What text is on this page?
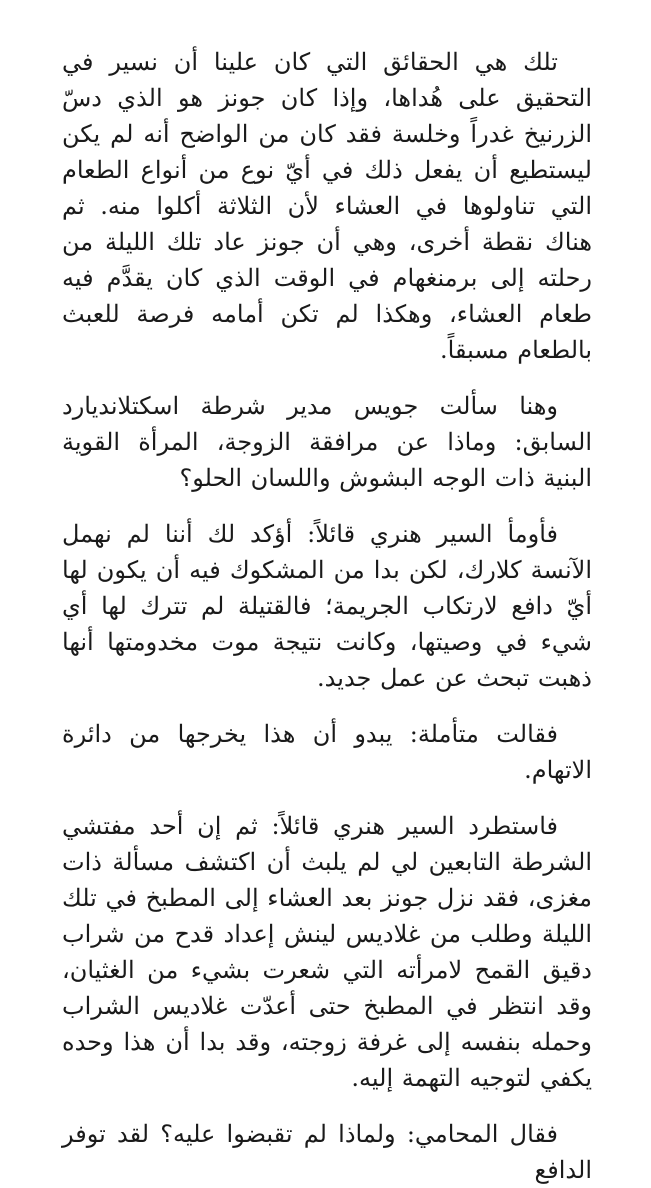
تلك هي الحقائق التي كان علينا أن نسير في التحقيق على هُداها، وإذا كان جونز هو الذي دسّ الزرنيخ غدراً وخلسة فقد كان من الواضح أنه لم يكن ليستطيع أن يفعل ذلك في أيّ نوع من أنواع الطعام التي تناولوها في العشاء لأن الثلاثة أكلوا منه. ثم هناك نقطة أخرى، وهي أن جونز عاد تلك الليلة من رحلته إلى برمنغهام في الوقت الذي كان يقدَّم فيه طعام العشاء، وهكذا لم تكن أمامه فرصة للعبث بالطعام مسبقاً.

وهنا سألت جويس مدير شرطة اسكتلانديارد السابق: وماذا عن مرافقة الزوجة، المرأة القوية البنية ذات الوجه البشوش واللسان الحلو؟

فأومأ السير هنري قائلاً: أؤكد لك أننا لم نهمل الآنسة كلارك، لكن بدا من المشكوك فيه أن يكون لها أيّ دافع لارتكاب الجريمة؛ فالقتيلة لم تترك لها أي شيء في وصيتها، وكانت نتيجة موت مخدومتها أنها ذهبت تبحث عن عمل جديد.

فقالت متأملة: يبدو أن هذا يخرجها من دائرة الاتهام.

فاستطرد السير هنري قائلاً: ثم إن أحد مفتشي الشرطة التابعين لي لم يلبث أن اكتشف مسألة ذات مغزى، فقد نزل جونز بعد العشاء إلى المطبخ في تلك الليلة وطلب من غلاديس لينش إعداد قدح من شراب دقيق القمح لامرأته التي شعرت بشيء من الغثيان، وقد انتظر في المطبخ حتى أعدّت غلاديس الشراب وحمله بنفسه إلى غرفة زوجته، وقد بدا أن هذا وحده يكفي لتوجيه التهمة إليه.

فقال المحامي: ولماذا لم تقبضوا عليه؟ لقد توفر الدافع
